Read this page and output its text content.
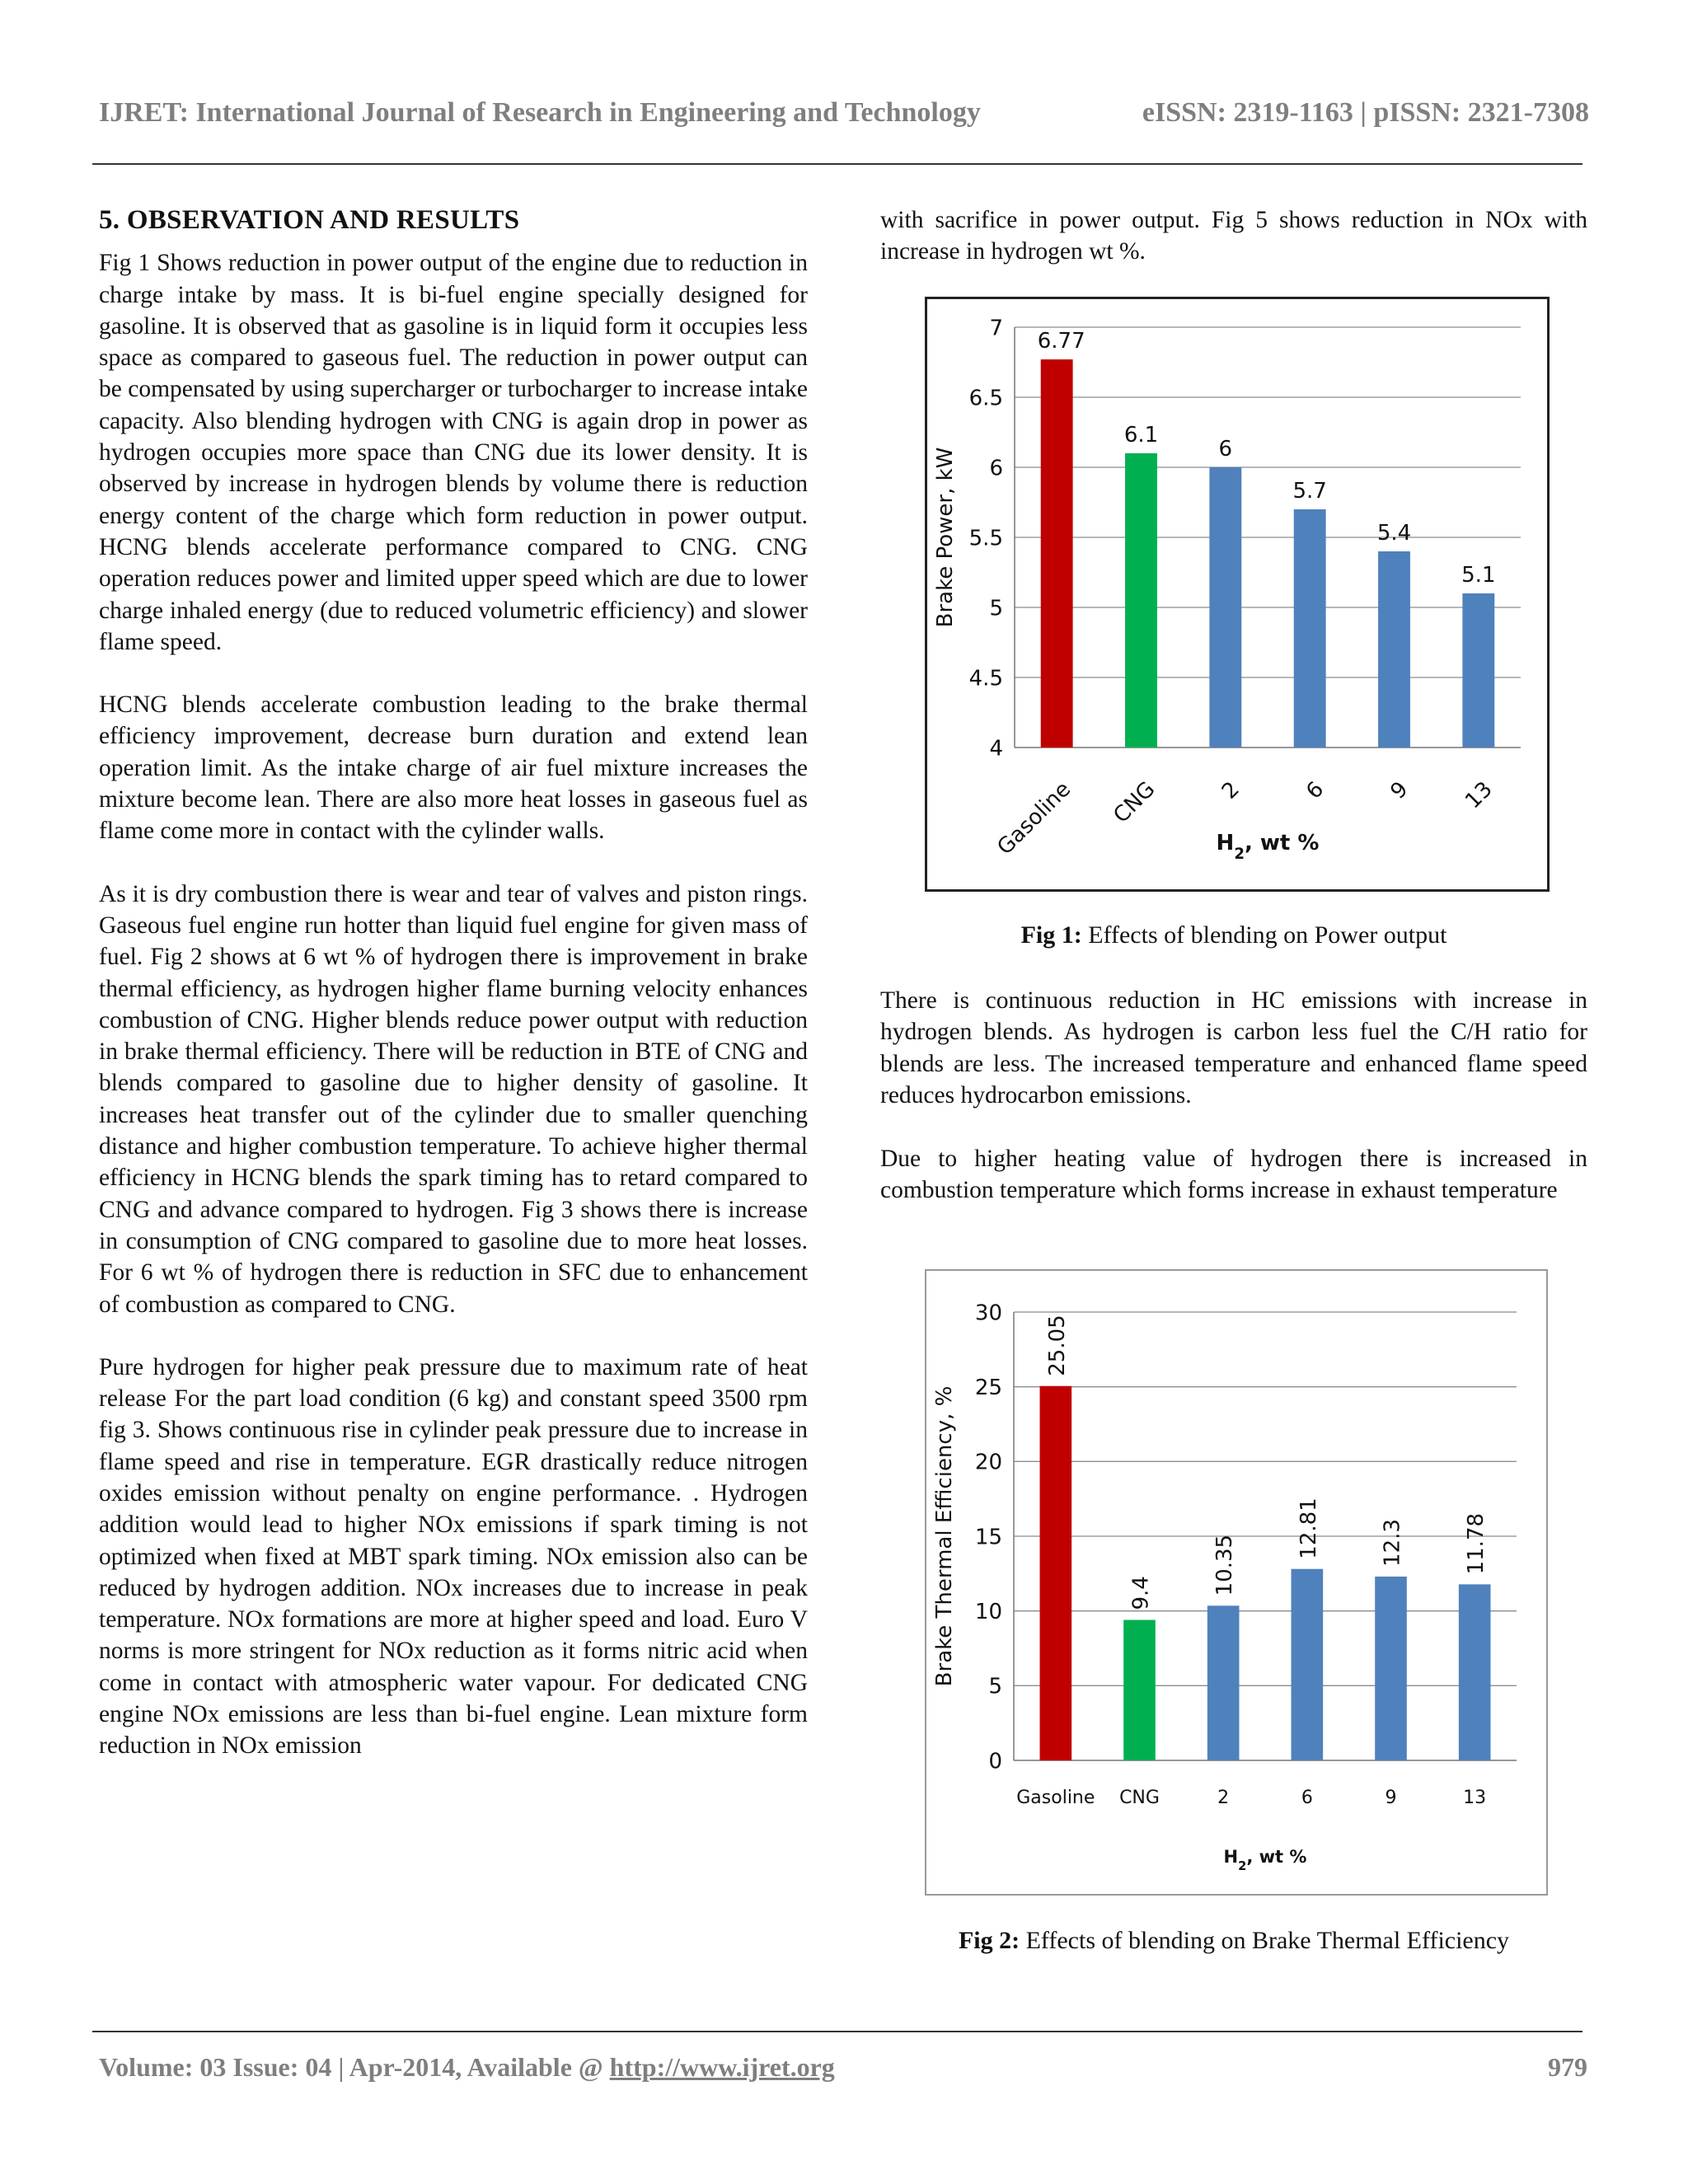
IJRET: International Journal of Research in Engineering and Technology	eISSN: 2319-1163 | pISSN: 2321-7308
5. OBSERVATION AND RESULTS

Fig 1 Shows reduction in power output of the engine due to reduction in charge intake by mass. It is bi-fuel engine specially designed for gasoline. It is observed that as gasoline is in liquid form it occupies less space as compared to gaseous fuel. The reduction in power output can be compensated by using supercharger or turbocharger to increase intake capacity. Also blending hydrogen with CNG is again drop in power as hydrogen occupies more space than CNG due its lower density. It is observed by increase in hydrogen blends by volume there is reduction energy content of the charge which form reduction in power output. HCNG blends accelerate performance compared to CNG. CNG operation reduces power and limited upper speed which are due to lower charge inhaled energy (due to reduced volumetric efficiency) and slower flame speed.

HCNG blends accelerate combustion leading to the brake thermal efficiency improvement, decrease burn duration and extend lean operation limit. As the intake charge of air fuel mixture increases the mixture become lean. There are also more heat losses in gaseous fuel as flame come more in contact with the cylinder walls.

As it is dry combustion there is wear and tear of valves and piston rings. Gaseous fuel engine run hotter than liquid fuel engine for given mass of fuel. Fig 2 shows at 6 wt % of hydrogen there is improvement in brake thermal efficiency, as hydrogen higher flame burning velocity enhances combustion of CNG. Higher blends reduce power output with reduction in brake thermal efficiency. There will be reduction in BTE of CNG and blends compared to gasoline due to higher density of gasoline. It increases heat transfer out of the cylinder due to smaller quenching distance and higher combustion temperature. To achieve higher thermal efficiency in HCNG blends the spark timing has to retard compared to CNG and advance compared to hydrogen. Fig 3 shows there is increase in consumption of CNG compared to gasoline due to more heat losses. For 6 wt % of hydrogen there is reduction in SFC due to enhancement of combustion as compared to CNG.

Pure hydrogen for higher peak pressure due to maximum rate of heat release For the part load condition (6 kg) and constant speed 3500 rpm fig 3. Shows continuous rise in cylinder peak pressure due to increase in flame speed and rise in temperature. EGR drastically reduce nitrogen oxides emission without penalty on engine performance. . Hydrogen addition would lead to higher NOx emissions if spark timing is not optimized when fixed at MBT spark timing. NOx emission also can be reduced by hydrogen addition. NOx increases due to increase in peak temperature. NOx formations are more at higher speed and load. Euro V norms is more stringent for NOx reduction as it forms nitric acid when come in contact with atmospheric water vapour. For dedicated CNG engine NOx emissions are less than bi-fuel engine. Lean mixture form reduction in NOx emission

with sacrifice in power output. Fig 5 shows reduction in NOx with increase in hydrogen wt %.
4
4.5
5
5.5
6
6.5
7
6.77
Gasoline
6.1
CNG
6
2
5.7
6
5.4
9
5.1
13
Brake Power, kW
$H_2$, wt %
Fig 1: Effects of blending on Power output
There is continuous reduction in HC emissions with increase in hydrogen blends. As hydrogen is carbon less fuel the C/H ratio for blends are less. The increased temperature and enhanced flame speed reduces hydrocarbon emissions.
Due to higher heating value of hydrogen there is increased in combustion temperature which forms increase in exhaust temperature
0
5
10
15
20
25
30
25.05
Gasoline
9.4
CNG
10.35
2
12.81
6
12.3
9
11.78
13
Brake Thermal Efficiency, %
$H_2$, wt %
Fig 2: Effects of blending on Brake Thermal Efficiency
Volume: 03 Issue: 04 | Apr-2014, Available @ http://www.ijret.org	979
